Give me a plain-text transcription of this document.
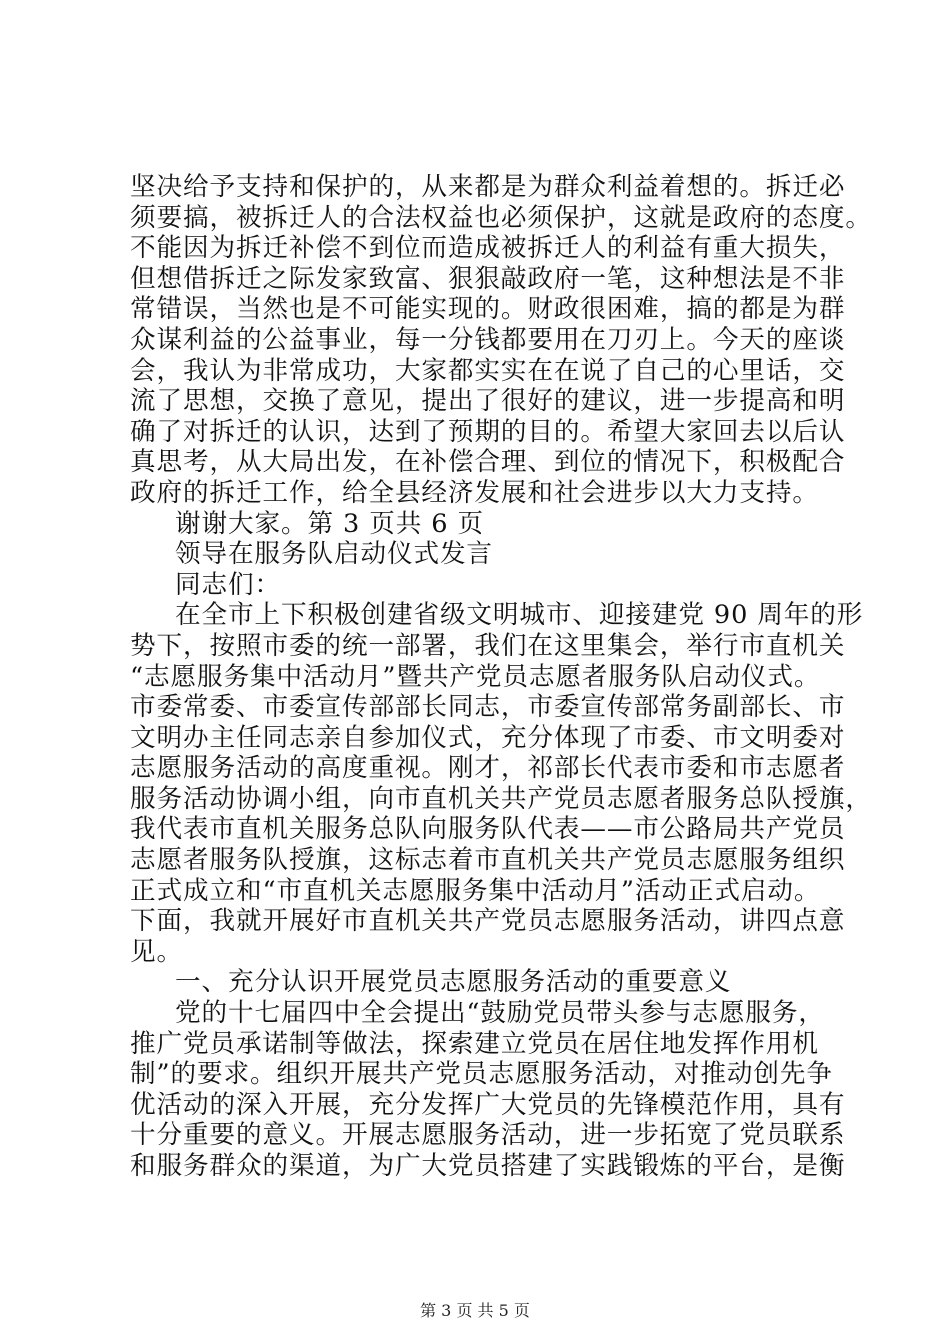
坚决给予支持和保护的，从来都是为群众利益着想的。拆迁必
须要搞，被拆迁人的合法权益也必须保护，这就是政府的态度。
不能因为拆迁补偿不到位而造成被拆迁人的利益有重大损失，
但想借拆迁之际发家致富、狠狠敲政府一笔，这种想法是不非
常错误，当然也是不可能实现的。财政很困难，搞的都是为群
众谋利益的公益事业，每一分钱都要用在刀刃上。今天的座谈
会，我认为非常成功，大家都实实在在说了自己的心里话，交
流了思想，交换了意见，提出了很好的建议，进一步提高和明
确了对拆迁的认识，达到了预期的目的。希望大家回去以后认
真思考，从大局出发，在补偿合理、到位的情况下，积极配合
政府的拆迁工作，给全县经济发展和社会进步以大力支持。
谢谢大家。第 3 页共 6 页
领导在服务队启动仪式发言
同志们：
在全市上下积极创建省级文明城市、迎接建党 90 周年的形
势下，按照市委的统一部署，我们在这里集会，举行市直机关
“志愿服务集中活动月”暨共产党员志愿者服务队启动仪式。
市委常委、市委宣传部部长同志，市委宣传部常务副部长、市
文明办主任同志亲自参加仪式，充分体现了市委、市文明委对
志愿服务活动的高度重视。刚才，祁部长代表市委和市志愿者
服务活动协调小组，向市直机关共产党员志愿者服务总队授旗，
我代表市直机关服务总队向服务队代表——市公路局共产党员
志愿者服务队授旗，这标志着市直机关共产党员志愿服务组织
正式成立和“市直机关志愿服务集中活动月”活动正式启动。
下面，我就开展好市直机关共产党员志愿服务活动，讲四点意
见。
一、充分认识开展党员志愿服务活动的重要意义
党的十七届四中全会提出“鼓励党员带头参与志愿服务，
推广党员承诺制等做法，探索建立党员在居住地发挥作用机
制”的要求。组织开展共产党员志愿服务活动，对推动创先争
优活动的深入开展，充分发挥广大党员的先锋模范作用，具有
十分重要的意义。开展志愿服务活动，进一步拓宽了党员联系
和服务群众的渠道，为广大党员搭建了实践锻炼的平台，是衡
第 3 页 共 5 页
